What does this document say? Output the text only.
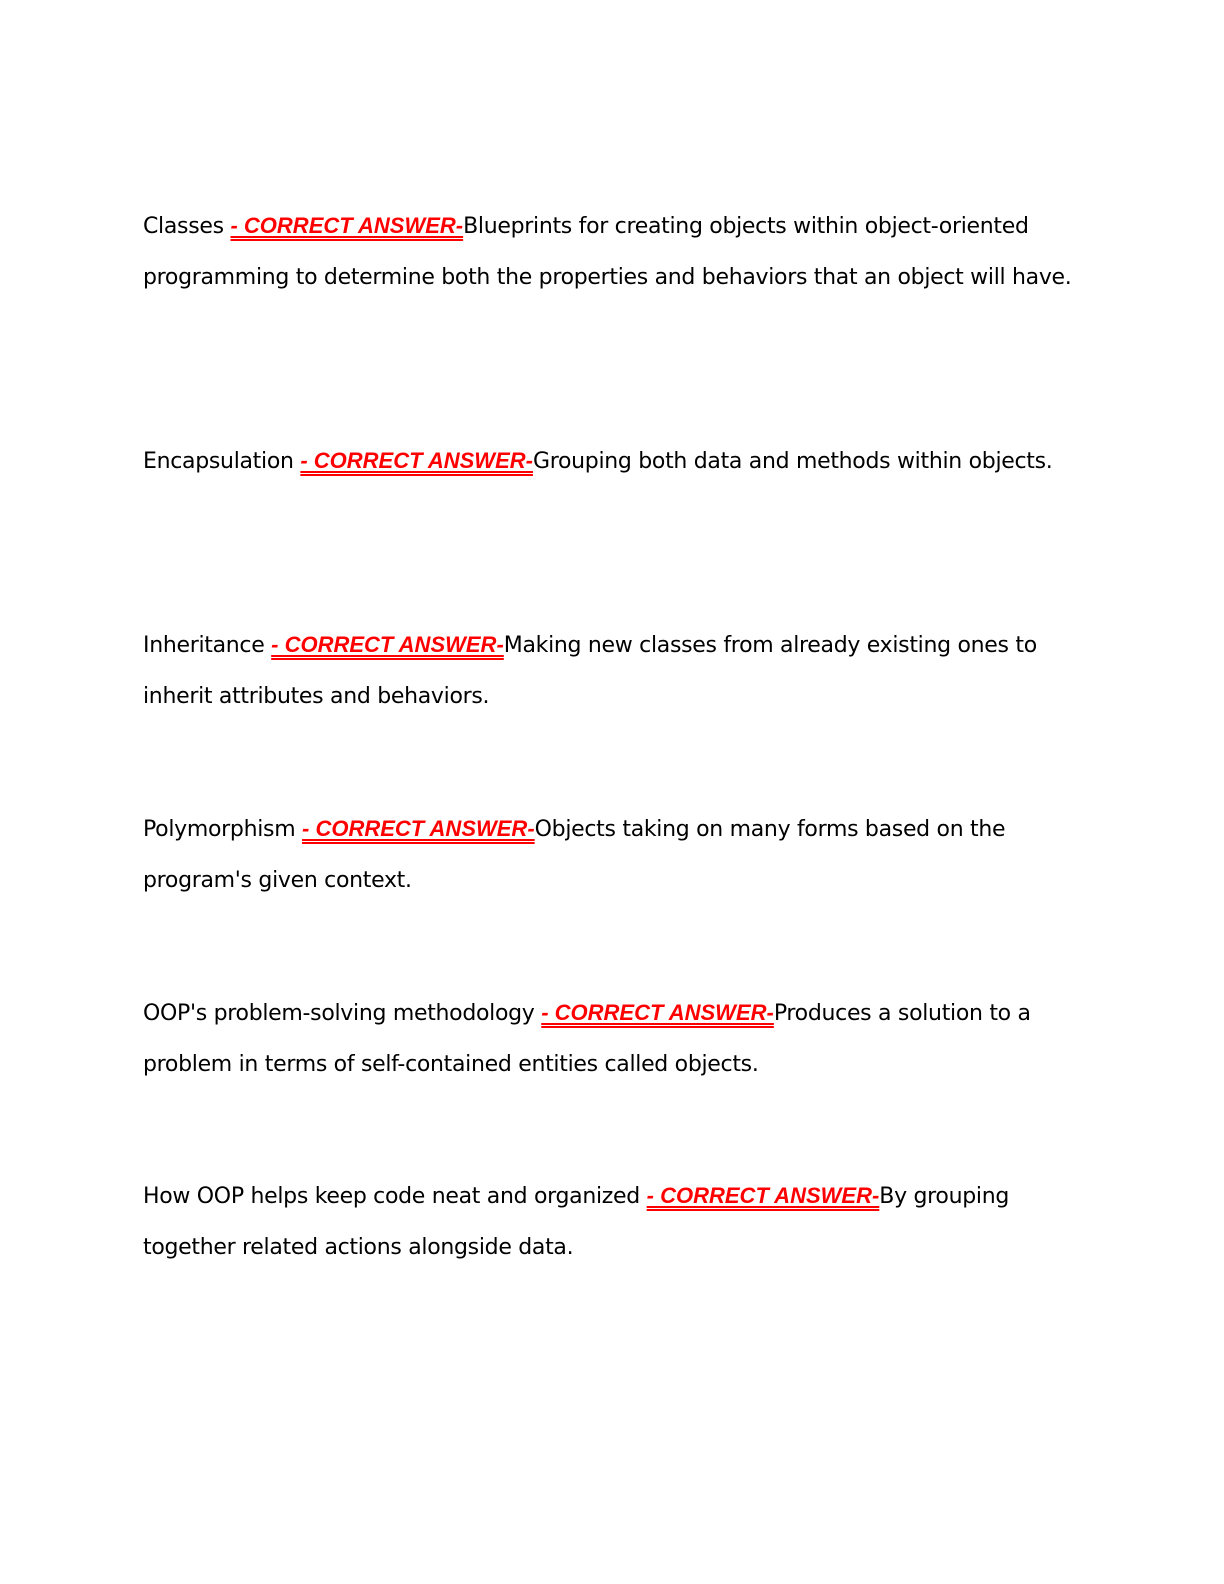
Classes - CORRECT ANSWER-Blueprints for creating objects within object-oriented programming to determine both the properties and behaviors that an object will have.

Encapsulation - CORRECT ANSWER-Grouping both data and methods within objects.

Inheritance - CORRECT ANSWER-Making new classes from already existing ones to inherit attributes and behaviors.

Polymorphism - CORRECT ANSWER-Objects taking on many forms based on the program's given context.

OOP's problem-solving methodology - CORRECT ANSWER-Produces a solution to a problem in terms of self-contained entities called objects.

How OOP helps keep code neat and organized - CORRECT ANSWER-By grouping together related actions alongside data.
